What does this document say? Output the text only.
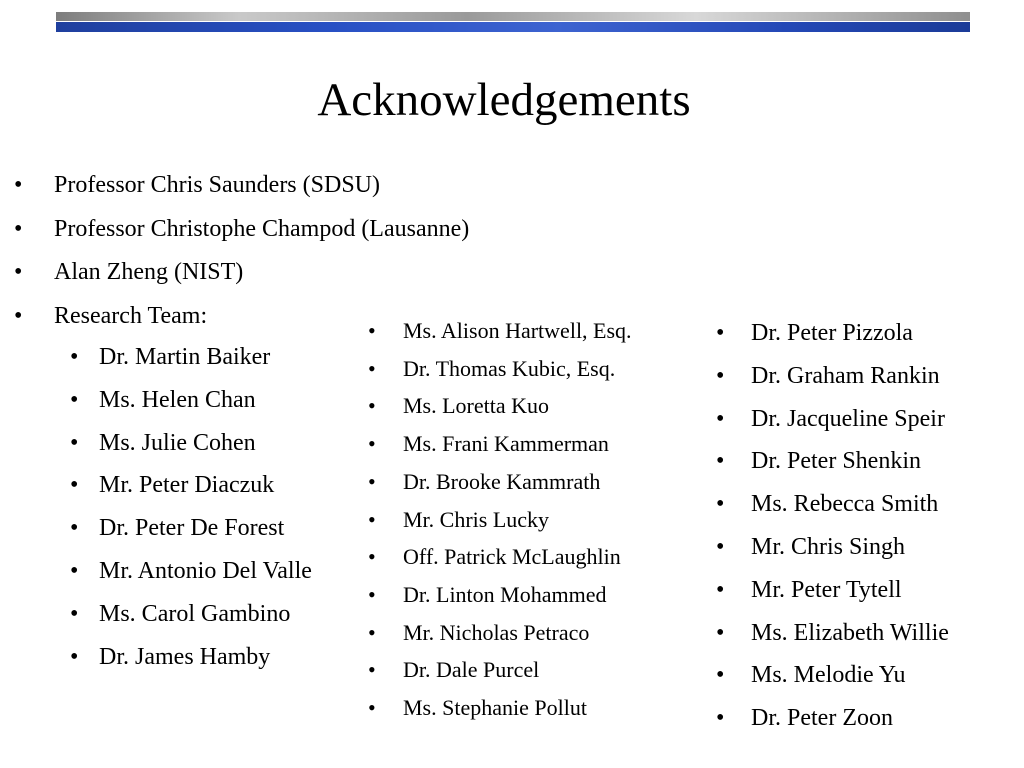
Acknowledgements
• Professor Chris Saunders (SDSU)
• Professor Christophe Champod (Lausanne)
• Alan Zheng (NIST)
• Research Team:
• Dr. Martin Baiker
• Ms. Helen Chan
• Ms. Julie Cohen
• Mr. Peter Diaczuk
• Dr. Peter De Forest
• Mr. Antonio Del Valle
• Ms. Carol Gambino
• Dr. James Hamby
• Ms. Alison Hartwell, Esq.
• Dr. Thomas Kubic, Esq.
• Ms. Loretta Kuo
• Ms. Frani Kammerman
• Dr. Brooke Kammrath
• Mr. Chris Lucky
• Off. Patrick McLaughlin
• Dr. Linton Mohammed
• Mr. Nicholas Petraco
• Dr. Dale Purcel
• Ms. Stephanie Pollut
• Dr. Peter Pizzola
• Dr. Graham Rankin
• Dr. Jacqueline Speir
• Dr. Peter Shenkin
• Ms. Rebecca Smith
• Mr. Chris Singh
• Mr. Peter Tytell
• Ms. Elizabeth Willie
• Ms. Melodie Yu
• Dr. Peter Zoon
